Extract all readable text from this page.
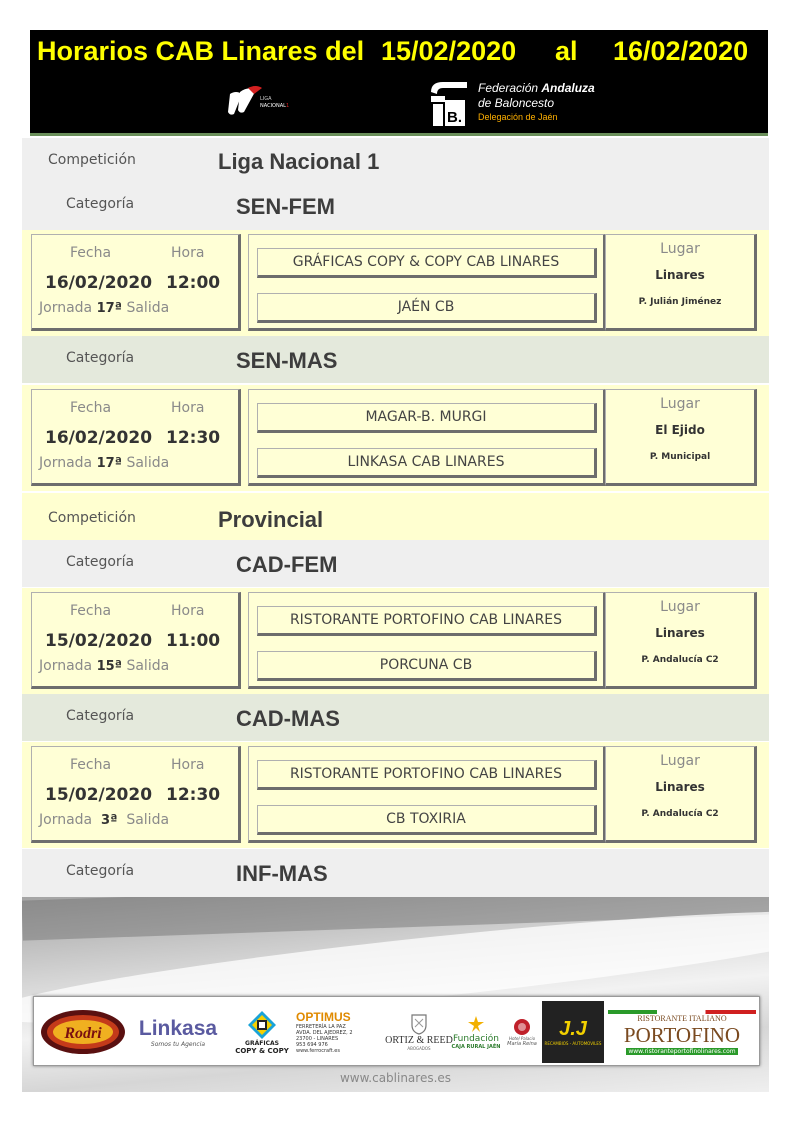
Horarios CAB Linares del 15/02/2020 al 16/02/2020
LIGA
NACIONAL 1
B.
Federación Andaluza
de Baloncesto
Delegación de Jaén
Competición	Liga Nacional 1
Categoría	SEN-FEM
Fecha	Hora
16/02/2020 12:00
Jornada 17ª Salida
GRÁFICAS COPY & COPY CAB LINARES
JAÉN CB
Lugar
Linares
P. Julián Jiménez
Categoría	SEN-MAS
Fecha	Hora
16/02/2020 12:30
Jornada 17ª Salida
MAGAR-B. MURGI
LINKASA CAB LINARES
Lugar
El Ejido
P. Municipal
Competición	Provincial
Categoría	CAD-FEM
Fecha	Hora
15/02/2020 11:00
Jornada 15ª Salida
RISTORANTE PORTOFINO CAB LINARES
PORCUNA CB
Lugar
Linares
P. Andalucía C2
Categoría	CAD-MAS
Fecha	Hora
15/02/2020 12:30
Jornada 3ª Salida
RISTORANTE PORTOFINO CAB LINARES
CB TOXIRIA
Lugar
Linares
P. Andalucía C2
Categoría	INF-MAS
Rodri Linkasa
Somos tu Agencia	GRÁFICAS
COPY & COPY
OPTIMUS
FERRETERÍA LA PAZ
AVDA. DEL AJEDREZ, 2
23700 - LINARES
953 694 976
www.ferrocraft.es
ORTIZ & REED
ABOGADOS
Fundación
CAJA RURAL JAÉN
Hotel Palacio
María Reina
J.J
RECAMBIOS - AUTOMOVILES
RISTORANTE ITALIANO
PORTOFINO
www.ristoranteportofinolinares.com
www.cablinares.es
